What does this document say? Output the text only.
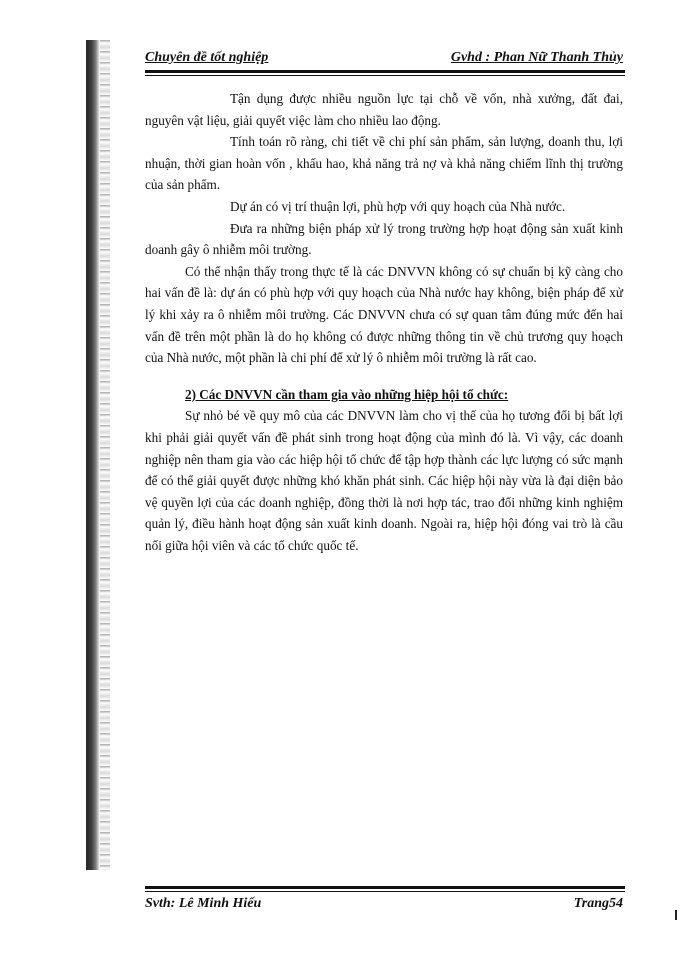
Chuyên đề tốt nghiệp	Gvhd : Phan Nữ Thanh Thủy

Tận dụng được nhiều nguồn lực tại chỗ về vốn, nhà xưởng, đất đai, nguyên vật liệu, giải quyết việc làm cho nhiều lao động.

Tính toán rõ ràng, chi tiết về chi phí sản phẩm, sản lượng, doanh thu, lợi nhuận, thời gian hoàn vốn , khấu hao, khả năng trả nợ và khả năng chiếm lĩnh thị trường của sản phẩm.

Dự án có vị trí thuận lợi, phù hợp với quy hoạch của Nhà nước.

Đưa ra những biện pháp xử lý trong trường hợp hoạt động sản xuất kinh doanh gây ô nhiễm môi trường.

Có thể nhận thấy trong thực tế là các DNVVN không có sự chuẩn bị kỹ càng cho hai vấn đề là: dự án có phù hợp với quy hoạch của Nhà nước hay không, biện pháp để xử lý khi xảy ra ô nhiễm môi trường. Các DNVVN chưa có sự quan tâm đúng mức đến hai vấn đề trên một phần là do họ không có được những thông tin về chủ trương quy hoạch của Nhà nước, một phần là chi phí để xử lý ô nhiễm môi trường là rất cao.

2) Các DNVVN cần tham gia vào những hiệp hội tổ chức:

Sự nhỏ bé về quy mô của các DNVVN làm cho vị thế của họ tương đối bị bất lợi khi phải giải quyết vấn đề phát sinh trong hoạt động của mình đó là. Vì vậy, các doanh nghiệp nên tham gia vào các hiệp hội tổ chức để tập hợp thành các lực lượng có sức mạnh để có thể giải quyết được những khó khăn phát sinh. Các hiệp hội này vừa là đại diện bảo vệ quyền lợi của các doanh nghiệp, đồng thời là nơi hợp tác, trao đổi những kinh nghiệm quản lý, điều hành hoạt động sản xuất kinh doanh. Ngoài ra, hiệp hội đóng vai trò là cầu nối giữa hội viên và các tổ chức quốc tế.

Svth: Lê Minh Hiếu	Trang54
